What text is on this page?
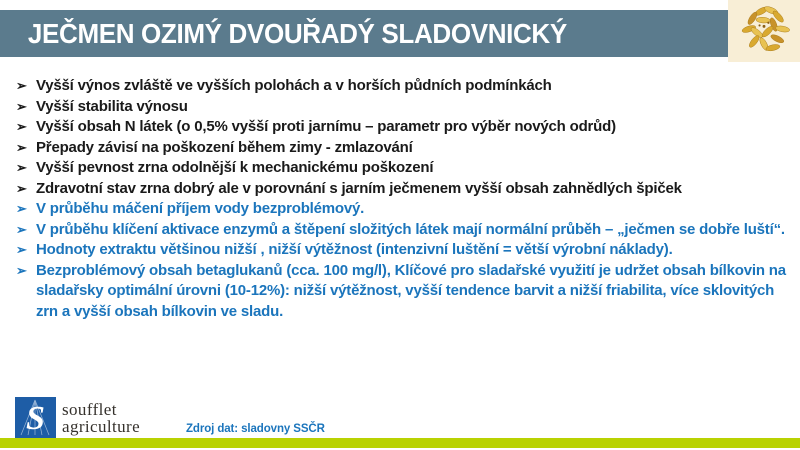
JEČMEN OZIMÝ DVOUŘADÝ SLADOVNICKÝ
➢ Vyšší výnos zvláště ve vyšších polohách a v horších půdních podmínkách
➢ Vyšší stabilita výnosu
➢ Vyšší obsah N látek (o 0,5% vyšší proti jarnímu – parametr pro výběr nových odrůd)
➢ Přepady závisí na poškození během zimy - zmlazování
➢ Vyšší pevnost zrna odolnější k mechanickému poškození
➢ Zdravotní stav zrna dobrý ale v porovnání s jarním ječmenem vyšší obsah zahnědlých špiček
➢ V průběhu máčení příjem vody bezproblémový.
➢ V průběhu klíčení aktivace enzymů a štěpení složitých látek mají normální průběh – „ječmen se dobře luští“.
➢ Hodnoty extraktu většinou nižší , nižší výtěžnost (intenzivní luštění = větší výrobní náklady).
➢ Bezproblémový obsah betaglukanů (cca. 100 mg/l), Klíčové pro sladařské využití je udržet obsah bílkovin na sladařsky optimální úrovni (10-12%): nižší výtěžnost, vyšší tendence barvit a nižší friabilita, více sklovitých zrn a vyšší obsah bílkovin ve sladu.
S soufflet
agriculture	Zdroj dat: sladovny SSČR
